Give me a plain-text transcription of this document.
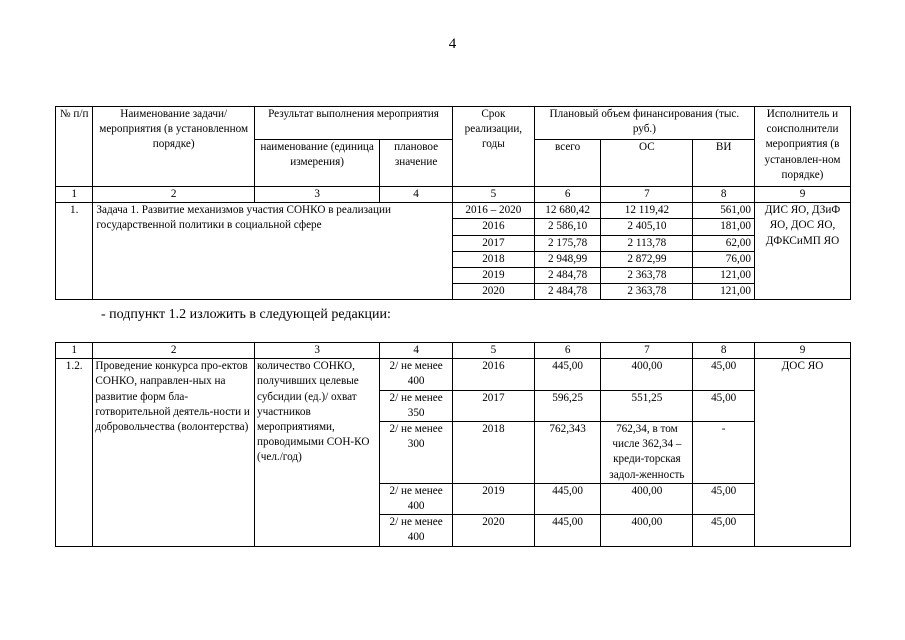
4
№ п/п	Наименование задачи/мероприятия (в установленном порядке)	Результат выполнения мероприятия		Срок реализации, годы	Плановый объем финансирования (тыс. руб.)			Исполнитель и соисполнители мероприятия (в установлен-ном порядке)
		наименование (единица измерения)	плановое значение		всего	ОС	ВИ	
1	2	3	4	5	6	7	8	9
1.	Задача 1. Развитие механизмов участия СОНКО в реализации государственной политики в социальной сфере			2016 – 2020	12 680,42	12 119,42	561,00	ДИС ЯО, ДЗиФ ЯО, ДОС ЯО, ДФКСиМП ЯО
				2016	2 586,10	2 405,10	181,00	
				2017	2 175,78	2 113,78	62,00	
				2018	2 948,99	2 872,99	76,00	
				2019	2 484,78	2 363,78	121,00	
				2020	2 484,78	2 363,78	121,00	
- подпункт 1.2 изложить в следующей редакции:
1	2	3	4	5	6	7	8	9
1.2.	Проведение конкурса про-ектов СОНКО, направлен-ных на развитие форм бла-готворительной деятель-ности и добровольчества (волонтерства)	количество СОНКО, получивших целевые субсидии (ед.)/ охват участников мероприятиями, проводимыми СОН-КО (чел./год)	2/ не менее 400	2016	445,00	400,00	45,00	ДОС ЯО
			2/ не менее 350	2017	596,25	551,25	45,00	
			2/ не менее 300	2018	762,343	762,34, в том числе 362,34 – креди-торская задол-женность	-	
			2/ не менее 400	2019	445,00	400,00	45,00	
			2/ не менее 400	2020	445,00	400,00	45,00	
